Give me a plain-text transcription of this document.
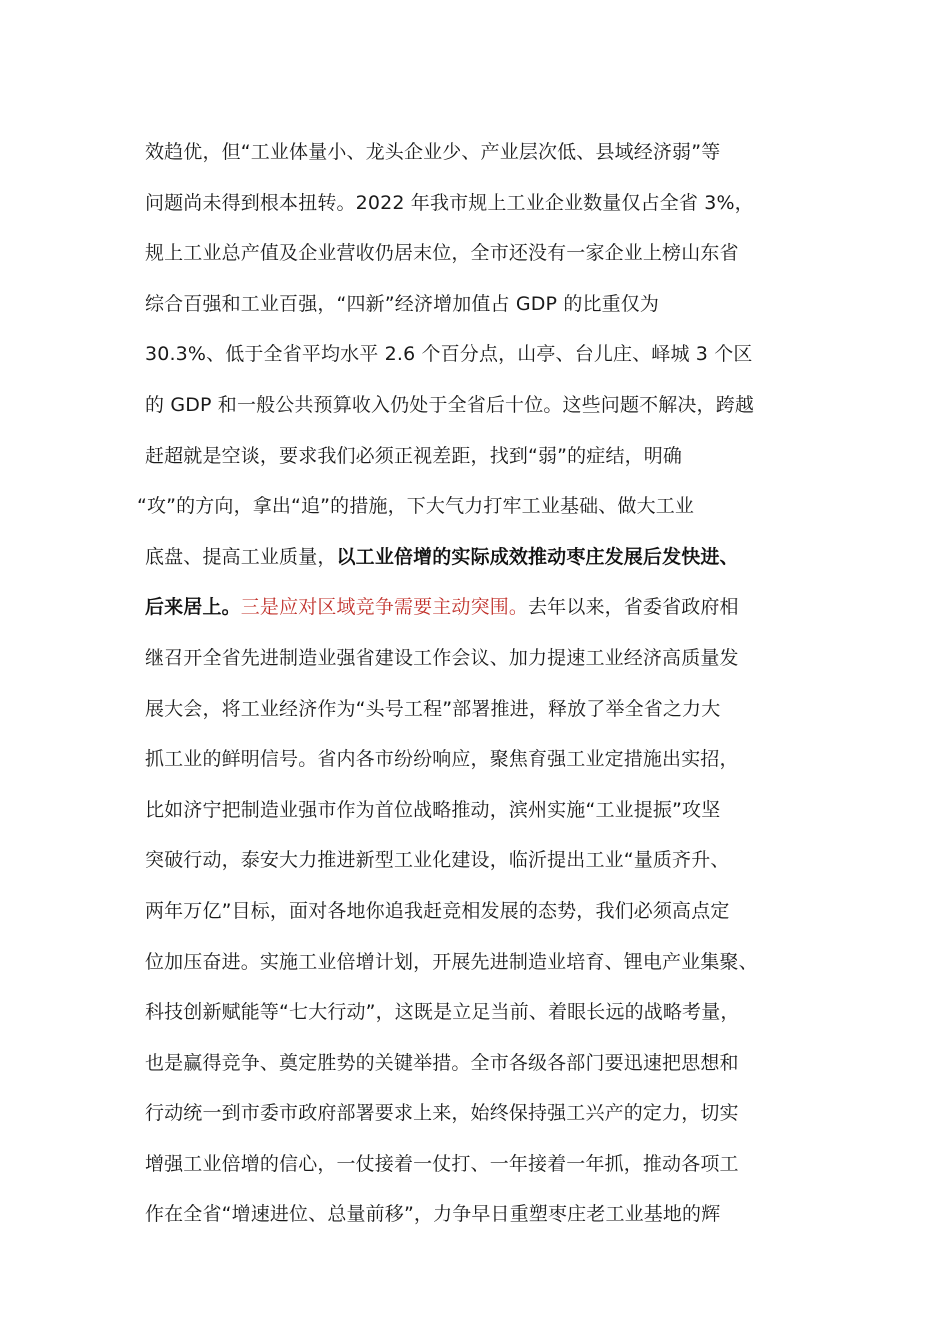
效趋优，但“工业体量小、龙头企业少、产业层次低、县域经济弱”等
问题尚未得到根本扭转。2022 年我市规上工业企业数量仅占全省 3%，
规上工业总产值及企业营收仍居末位，全市还没有一家企业上榜山东省
综合百强和工业百强，“四新”经济增加值占 GDP 的比重仅为
30.3%、低于全省平均水平 2.6 个百分点，山亭、台儿庄、峄城 3 个区
的 GDP 和一般公共预算收入仍处于全省后十位。这些问题不解决，跨越
赶超就是空谈，要求我们必须正视差距，找到“弱”的症结，明确
“攻”的方向，拿出“追”的措施，下大气力打牢工业基础、做大工业
底盘、提高工业质量，以工业倍增的实际成效推动枣庄发展后发快进、
后来居上。三是应对区域竞争需要主动突围。去年以来，省委省政府相
继召开全省先进制造业强省建设工作会议、加力提速工业经济高质量发
展大会，将工业经济作为“头号工程”部署推进，释放了举全省之力大
抓工业的鲜明信号。省内各市纷纷响应，聚焦育强工业定措施出实招，
比如济宁把制造业强市作为首位战略推动，滨州实施“工业提振”攻坚
突破行动，泰安大力推进新型工业化建设，临沂提出工业“量质齐升、
两年万亿”目标，面对各地你追我赶竞相发展的态势，我们必须高点定
位加压奋进。实施工业倍增计划，开展先进制造业培育、锂电产业集聚、
科技创新赋能等“七大行动”，这既是立足当前、着眼长远的战略考量，
也是赢得竞争、奠定胜势的关键举措。全市各级各部门要迅速把思想和
行动统一到市委市政府部署要求上来，始终保持强工兴产的定力，切实
增强工业倍增的信心，一仗接着一仗打、一年接着一年抓，推动各项工
作在全省“增速进位、总量前移”，力争早日重塑枣庄老工业基地的辉
